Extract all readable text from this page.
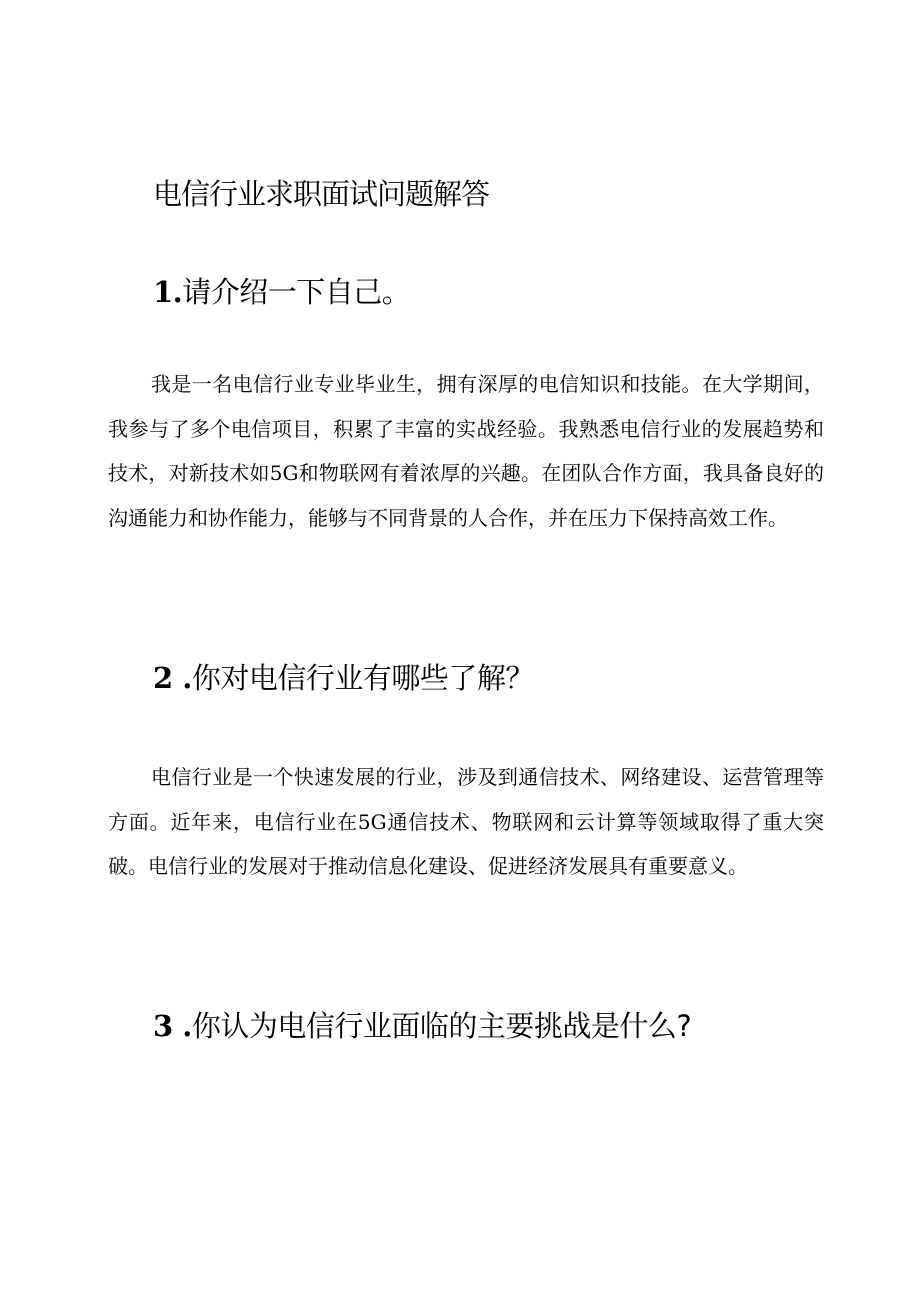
电信行业求职面试问题解答
1.请介绍一下自己。

我是一名电信行业专业毕业生，拥有深厚的电信知识和技能。在大学期间，我参与了多个电信项目，积累了丰富的实战经验。我熟悉电信行业的发展趋势和技术，对新技术如5G和物联网有着浓厚的兴趣。在团队合作方面，我具备良好的沟通能力和协作能力，能够与不同背景的人合作，并在压力下保持高效工作。

2 .你对电信行业有哪些了解？

电信行业是一个快速发展的行业，涉及到通信技术、网络建设、运营管理等方面。近年来，电信行业在5G通信技术、物联网和云计算等领域取得了重大突破。电信行业的发展对于推动信息化建设、促进经济发展具有重要意义。

3 .你认为电信行业面临的主要挑战是什么?
